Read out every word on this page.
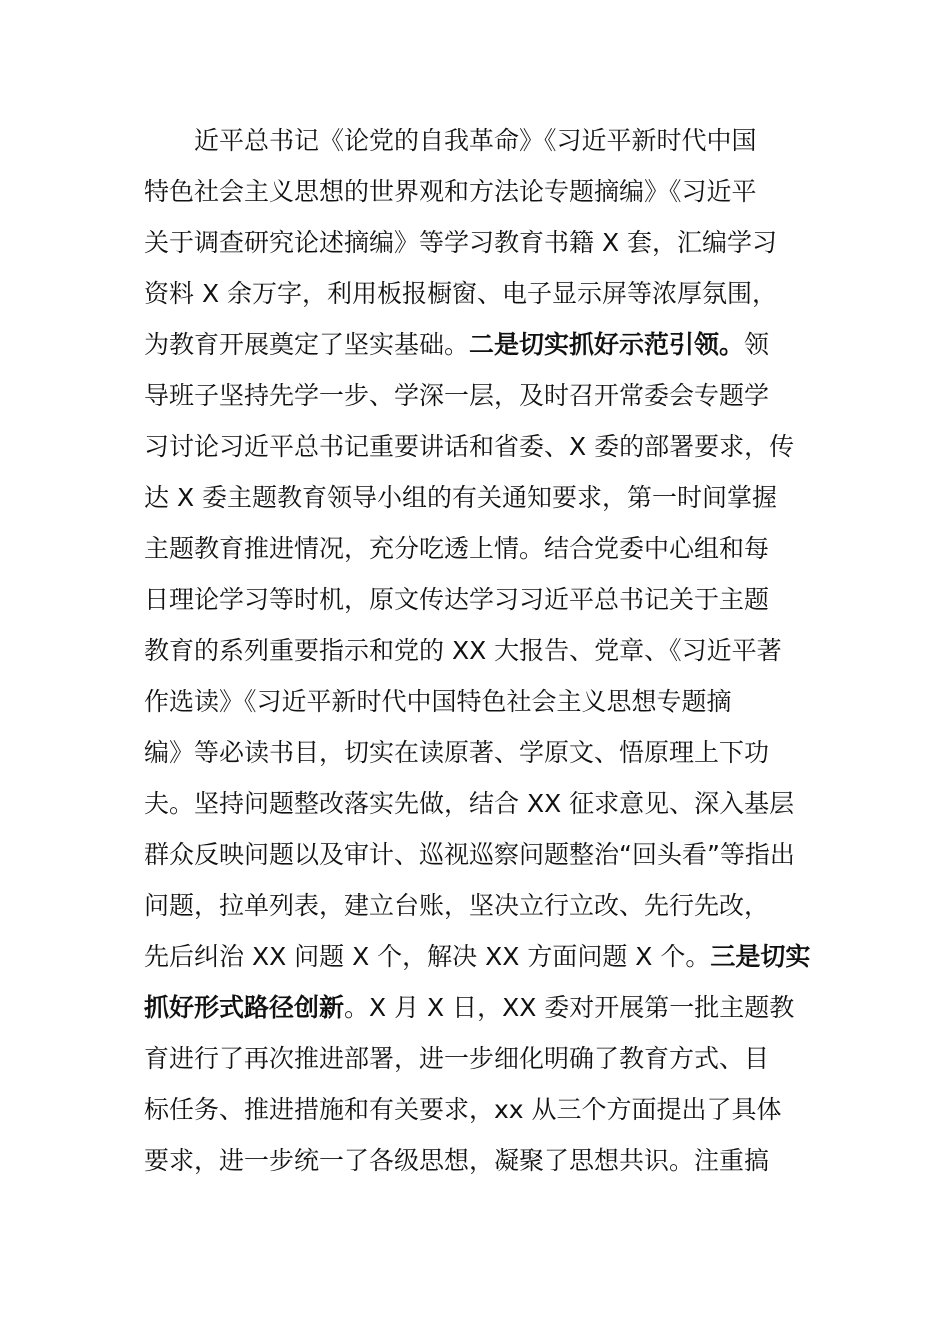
近平总书记《论党的自我革命》《习近平新时代中国
特色社会主义思想的世界观和方法论专题摘编》《习近平
关于调查研究论述摘编》等学习教育书籍 X 套，汇编学习
资料 X 余万字，利用板报橱窗、电子显示屏等浓厚氛围，
为教育开展奠定了坚实基础。二是切实抓好示范引领。领
导班子坚持先学一步、学深一层，及时召开常委会专题学
习讨论习近平总书记重要讲话和省委、X 委的部署要求，传
达 X 委主题教育领导小组的有关通知要求，第一时间掌握
主题教育推进情况，充分吃透上情。结合党委中心组和每
日理论学习等时机，原文传达学习习近平总书记关于主题
教育的系列重要指示和党的 XX 大报告、党章、《习近平著
作选读》《习近平新时代中国特色社会主义思想专题摘
编》等必读书目，切实在读原著、学原文、悟原理上下功
夫。坚持问题整改落实先做，结合 XX 征求意见、深入基层
群众反映问题以及审计、巡视巡察问题整治“回头看”等指出
问题，拉单列表，建立台账，坚决立行立改、先行先改，
先后纠治 XX 问题 X 个，解决 XX 方面问题 X 个。三是切实
抓好形式路径创新。X 月 X 日，XX 委对开展第一批主题教
育进行了再次推进部署，进一步细化明确了教育方式、目
标任务、推进措施和有关要求，xx 从三个方面提出了具体
要求，进一步统一了各级思想，凝聚了思想共识。注重搞
